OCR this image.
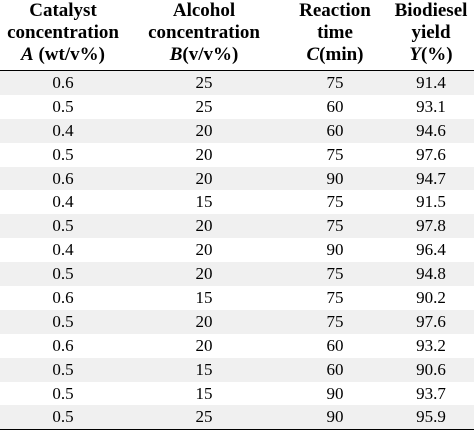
Catalyst
concentration
A (wt/v%)	Alcohol
concentration
B(v/v%)	Reaction
time
C(min)	Biodiesel
yield
Y(%)

0.6	25	75	91.4
0.5	25	60	93.1
0.4	20	60	94.6
0.5	20	75	97.6
0.6	20	90	94.7
0.4	15	75	91.5
0.5	20	75	97.8
0.4	20	90	96.4
0.5	20	75	94.8
0.6	15	75	90.2
0.5	20	75	97.6
0.6	20	60	93.2
0.5	15	60	90.6
0.5	15	90	93.7
0.5	25	90	95.9
